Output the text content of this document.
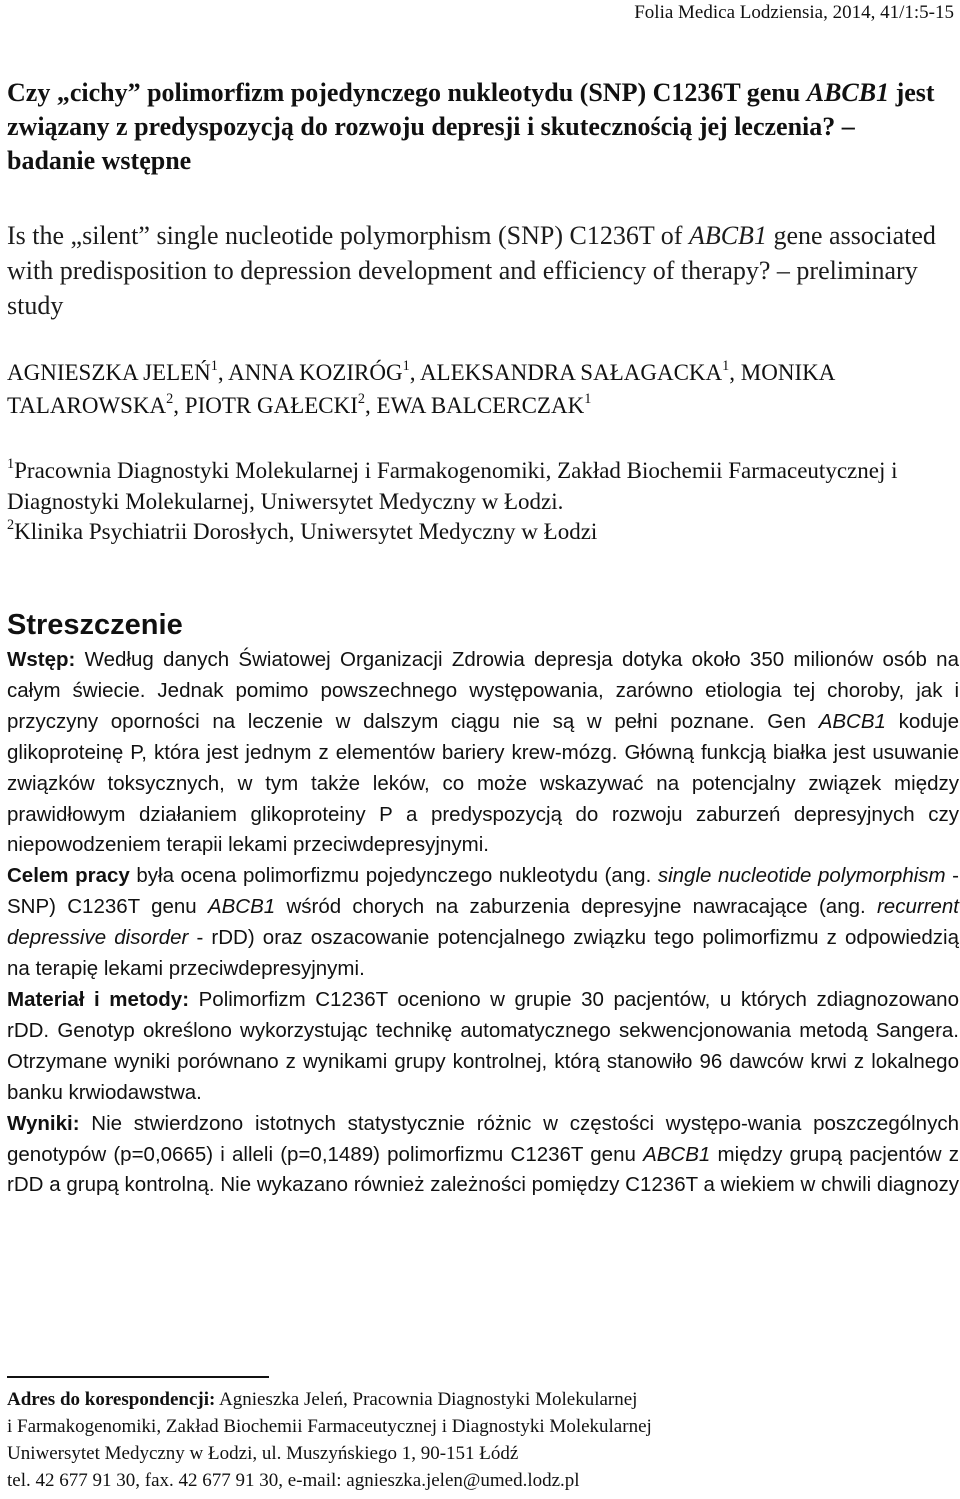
Folia Medica Lodziensia, 2014, 41/1:5-15
Czy „cichy” polimorfizm pojedynczego nukleotydu (SNP) C1236T genu ABCB1 jest związany z predyspozycją do rozwoju depresji i skutecznością jej leczenia? – badanie wstępne
Is the „silent” single nucleotide polymorphism (SNP) C1236T of ABCB1 gene associated with predisposition to depression development and efficiency of therapy? – preliminary study
AGNIESZKA JELEŃ$^1$, ANNA KOZIRÓG$^1$, ALEKSANDRA SAŁAGACKA$^1$, MONIKA TALAROWSKA$^2$, PIOTR GAŁECKI$^2$, EWA BALCERCZAK$^1$
$^1$Pracownia Diagnostyki Molekularnej i Farmakogenomiki, Zakład Biochemii Farmaceutycznej i Diagnostyki Molekularnej, Uniwersytet Medyczny w Łodzi.
$^2$Klinika Psychiatrii Dorosłych, Uniwersytet Medyczny w Łodzi
Streszczenie

Wstęp: Według danych Światowej Organizacji Zdrowia depresja dotyka około 350 milionów osób na całym świecie. Jednak pomimo powszechnego występowania, zarówno etiologia tej choroby, jak i przyczyny oporności na leczenie w dalszym ciągu nie są w pełni poznane. Gen ABCB1 koduje glikoproteinę P, która jest jednym z elementów bariery krew-mózg. Główną funkcją białka jest usuwanie związków toksycznych, w tym także leków, co może wskazywać na potencjalny związek między prawidłowym działaniem glikoproteiny P a predyspozycją do rozwoju zaburzeń depresyjnych czy niepowodzeniem terapii lekami przeciwdepresyjnymi.

Celem pracy była ocena polimorfizmu pojedynczego nukleotydu (ang. single nucleotide polymorphism - SNP) C1236T genu ABCB1 wśród chorych na zaburzenia depresyjne nawracające (ang. recurrent depressive disorder - rDD) oraz oszacowanie potencjalnego związku tego polimorfizmu z odpowiedzią na terapię lekami przeciwdepresyjnymi.

Materiał i metody: Polimorfizm C1236T oceniono w grupie 30 pacjentów, u których zdiagnozowano rDD. Genotyp określono wykorzystując technikę automatycznego sekwencjonowania metodą Sangera. Otrzymane wyniki porównano z wynikami grupy kontrolnej, którą stanowiło 96 dawców krwi z lokalnego banku krwiodawstwa.

Wyniki: Nie stwierdzono istotnych statystycznie różnic w częstości występo-wania poszczególnych genotypów (p=0,0665) i alleli (p=0,1489) polimorfizmu C1236T genu ABCB1 między grupą pacjentów z rDD a grupą kontrolną. Nie wykazano również zależności pomiędzy C1236T a wiekiem w chwili diagnozy

Adres do korespondencji: Agnieszka Jeleń, Pracownia Diagnostyki Molekularnej
i Farmakogenomiki, Zakład Biochemii Farmaceutycznej i Diagnostyki Molekularnej
Uniwersytet Medyczny w Łodzi, ul. Muszyńskiego 1, 90-151 Łódź
tel. 42 677 91 30, fax. 42 677 91 30, e-mail: agnieszka.jelen@umed.lodz.pl
